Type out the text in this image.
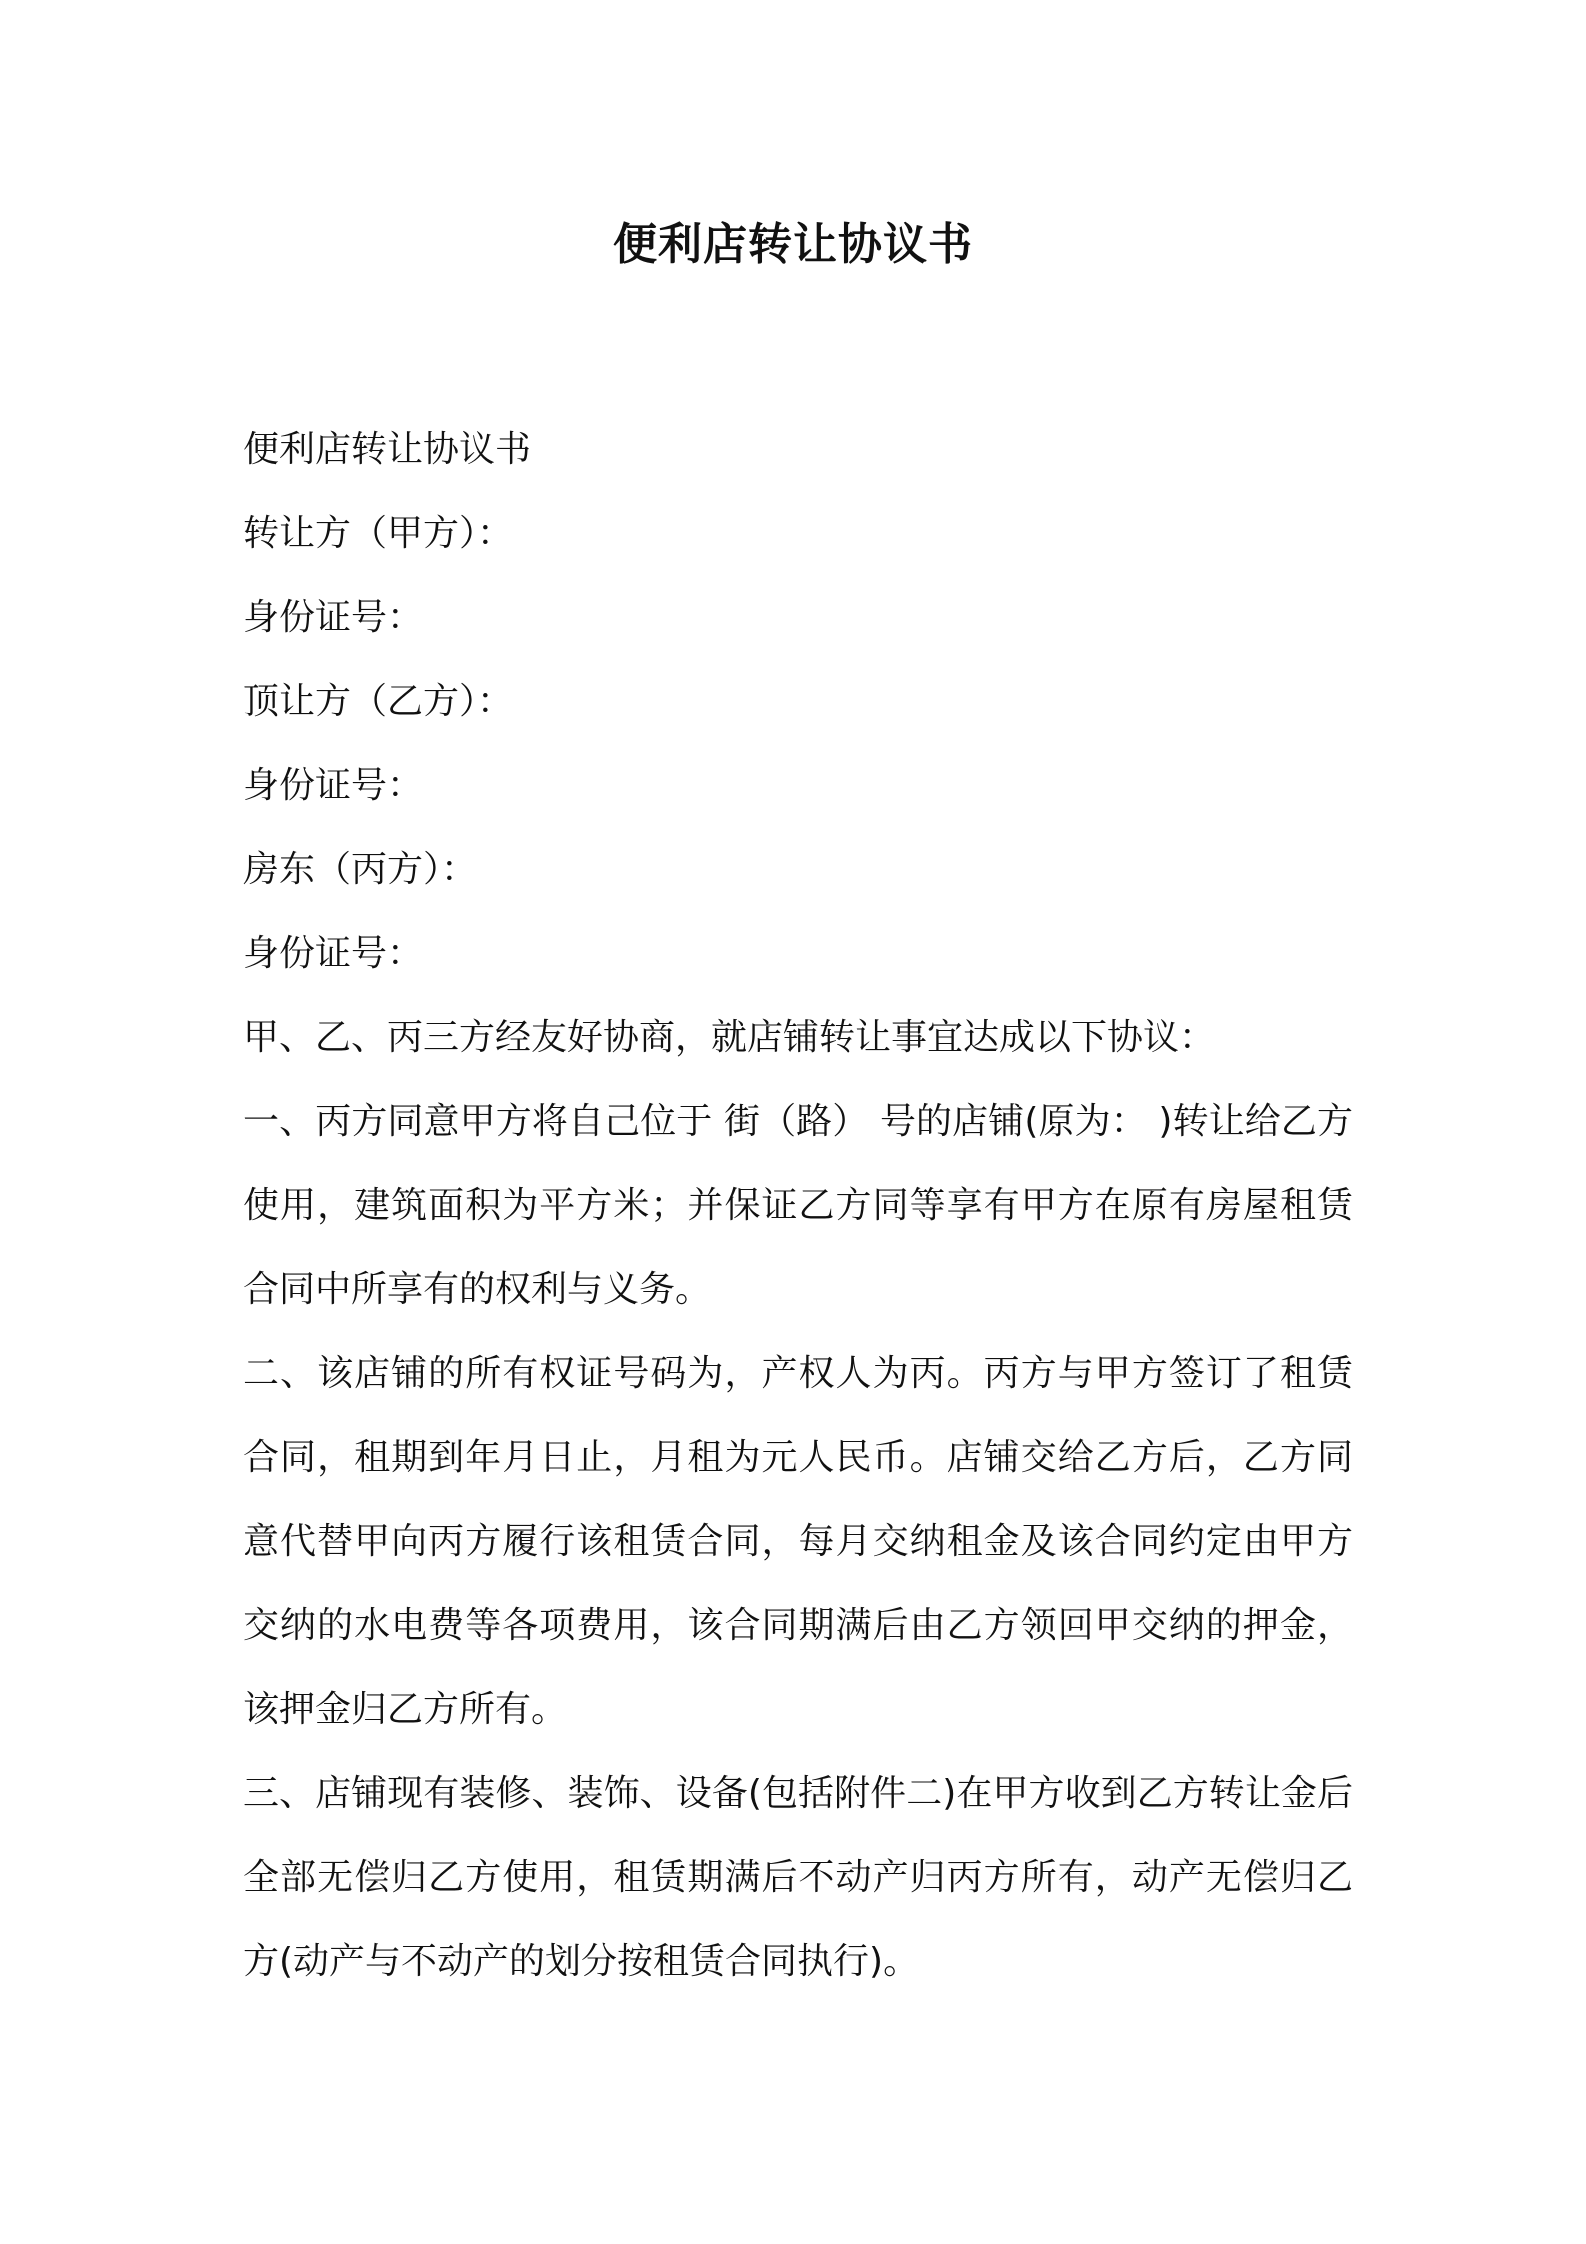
便利店转让协议书
便利店转让协议书
转让方（甲方）：
身份证号：
顶让方（乙方）：
身份证号：
房东（丙方）：
身份证号：
甲、乙、丙三方经友好协商，就店铺转让事宜达成以下协议：
一、丙方同意甲方将自己位于 街（路） 号的店铺(原为： )转让给乙方使用，建筑面积为平方米；并保证乙方同等享有甲方在原有房屋租赁合同中所享有的权利与义务。
二、该店铺的所有权证号码为，产权人为丙。丙方与甲方签订了租赁合同，租期到年月日止，月租为元人民币。店铺交给乙方后，乙方同意代替甲向丙方履行该租赁合同，每月交纳租金及该合同约定由甲方交纳的水电费等各项费用，该合同期满后由乙方领回甲交纳的押金，该押金归乙方所有。
三、店铺现有装修、装饰、设备(包括附件二)在甲方收到乙方转让金后全部无偿归乙方使用，租赁期满后不动产归丙方所有，动产无偿归乙方(动产与不动产的划分按租赁合同执行)。
